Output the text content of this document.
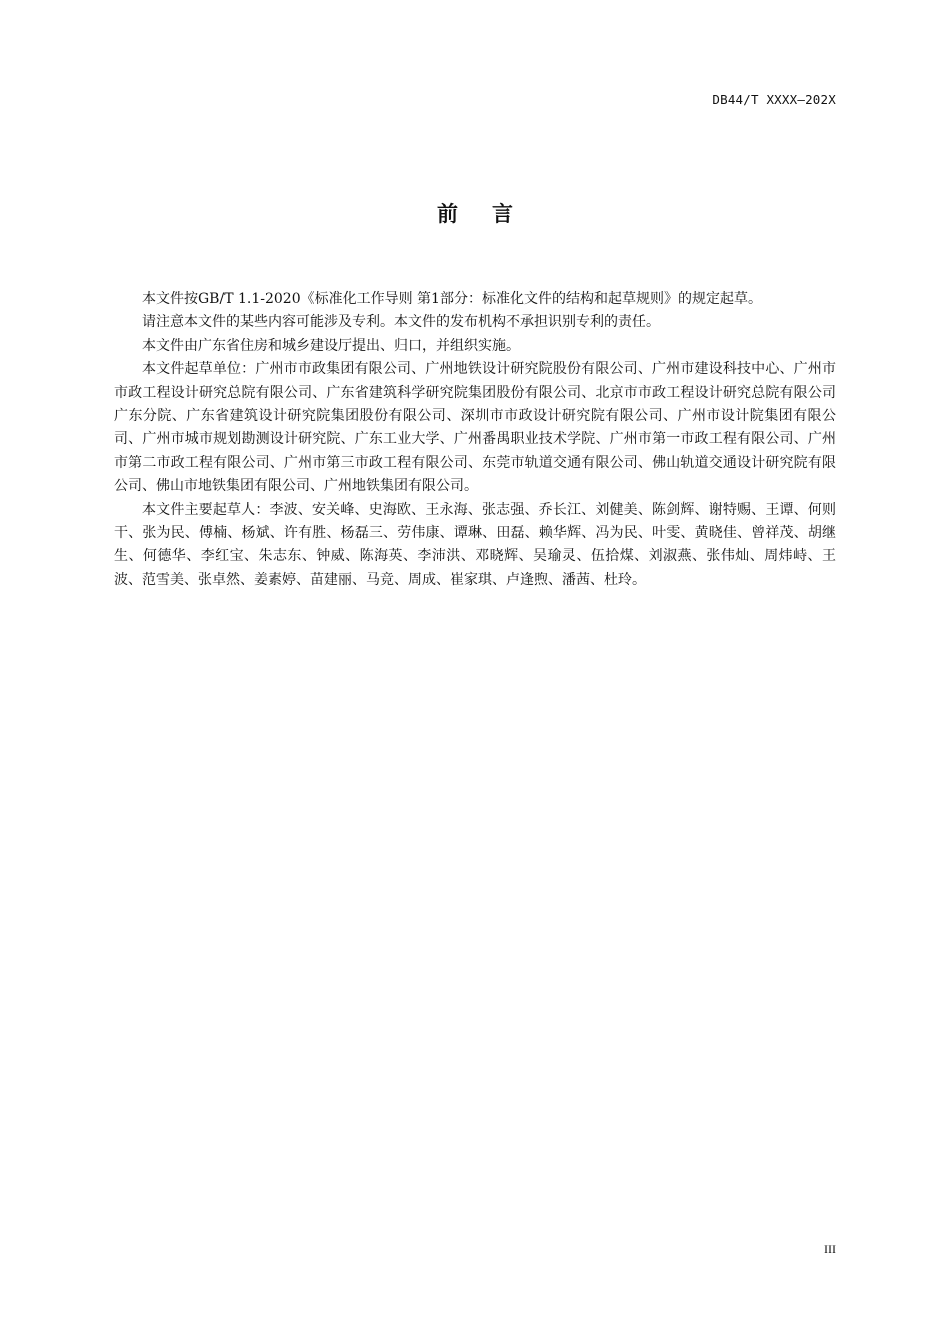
DB44/T XXXX—202X
前言

本文件按GB/T 1.1-2020《标准化工作导则 第1部分：标准化文件的结构和起草规则》的规定起草。

请注意本文件的某些内容可能涉及专利。本文件的发布机构不承担识别专利的责任。

本文件由广东省住房和城乡建设厅提出、归口，并组织实施。

本文件起草单位：广州市市政集团有限公司、广州地铁设计研究院股份有限公司、广州市建设科技中心、广州市市政工程设计研究总院有限公司、广东省建筑科学研究院集团股份有限公司、北京市市政工程设计研究总院有限公司广东分院、广东省建筑设计研究院集团股份有限公司、深圳市市政设计研究院有限公司、广州市设计院集团有限公司、广州市城市规划勘测设计研究院、广东工业大学、广州番禺职业技术学院、广州市第一市政工程有限公司、广州市第二市政工程有限公司、广州市第三市政工程有限公司、东莞市轨道交通有限公司、佛山轨道交通设计研究院有限公司、佛山市地铁集团有限公司、广州地铁集团有限公司。

本文件主要起草人：李波、安关峰、史海欧、王永海、张志强、乔长江、刘健美、陈剑辉、谢特赐、王谭、何则干、张为民、傅楠、杨斌、许有胜、杨磊三、劳伟康、谭琳、田磊、赖华辉、冯为民、叶雯、黄晓佳、曾祥茂、胡继生、何德华、李红宝、朱志东、钟威、陈海英、李沛洪、邓晓辉、吴瑜灵、伍拾煤、刘淑燕、张伟灿、周炜峙、王波、范雪美、张卓然、姜素婷、苗建丽、马竞、周成、崔家琪、卢逢煦、潘茜、杜玲。

III
